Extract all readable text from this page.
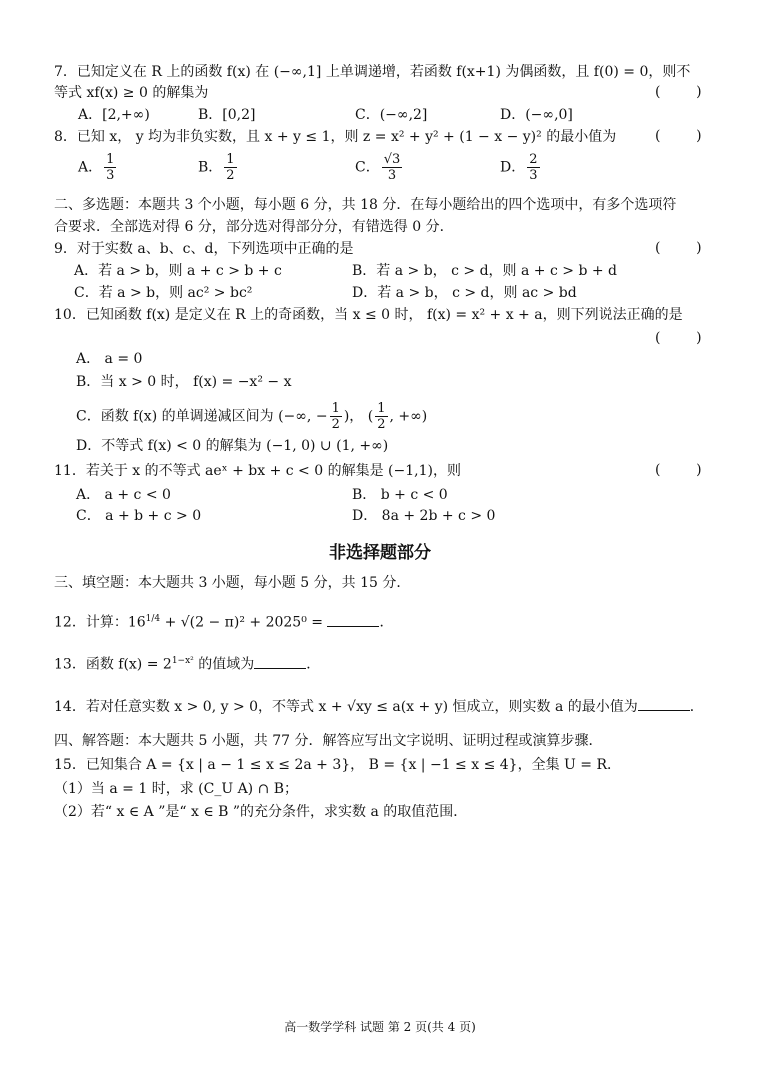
7．已知定义在 R 上的函数 f(x) 在 (−∞,1] 上单调递增，若函数 f(x+1) 为偶函数，且 f(0) = 0，则不
等式 xf(x) ≥ 0 的解集为	(        )
A．[2,+∞)	B．[0,2]	C．(−∞,2]	D．(−∞,0]
8．已知 x， y 均为非负实数，且 x + y ≤ 1，则 z = x² + y² + (1 − x − y)² 的最小值为	(        )
A． $\frac{1}{3}$	B． $\frac{1}{2}$	C． $\frac{√3}{3}$	D． $\frac{2}{3}$
二、多选题：本题共 3 个小题，每小题 6 分，共 18 分．在每小题给出的四个选项中，有多个选项符
合要求．全部选对得 6 分，部分选对得部分分，有错选得 0 分．
9．对于实数 a、b、c、d，下列选项中正确的是	(        )
A．若 a > b，则 a + c > b + c	B．若 a > b， c > d，则 a + c > b + d
C．若 a > b，则 ac² > bc²	D．若 a > b， c > d，则 ac > bd
10．已知函数 f(x) 是定义在 R 上的奇函数，当 x ≤ 0 时， f(x) = x² + x + a，则下列说法正确的是
(        )
A． a = 0
B．当 x > 0 时， f(x) = −x² − x
C．函数 f(x) 的单调递减区间为 (−∞, − $\frac{1}{2}$ )， ( $\frac{1}{2}$ , +∞)
D．不等式 f(x) < 0 的解集为 (−1, 0) ∪ (1, +∞)
11．若关于 x 的不等式 aeˣ + bx + c < 0 的解集是 (−1,1)，则	(        )
A． a + c < 0	B． b + c < 0
C． a + b + c > 0	D． 8a + 2b + c > 0
非选择题部分
三、填空题：本大题共 3 小题，每小题 5 分，共 15 分．
12．计算：$16^{1/4} + √(2 - \pi)^2 + 2025^0$ =	．
13．函数 $f(x) = 2^{1-x^2}$ 的值域为	．
14．若对任意实数 x > 0, y > 0，不等式 x + √xy ≤ a(x + y) 恒成立，则实数 a 的最小值为	．
四、解答题：本大题共 5 小题，共 77 分．解答应写出文字说明、证明过程或演算步骤．
15．已知集合 A = {x | a − 1 ≤ x ≤ 2a + 3}， B = {x | −1 ≤ x ≤ 4}，全集 U = R．
（1）当 a = 1 时，求 (C_U A) ∩ B；
（2）若“ x ∈ A ”是“ x ∈ B ”的充分条件，求实数 a 的取值范围．
高一数学学科 试题 第 2 页(共 4 页)
